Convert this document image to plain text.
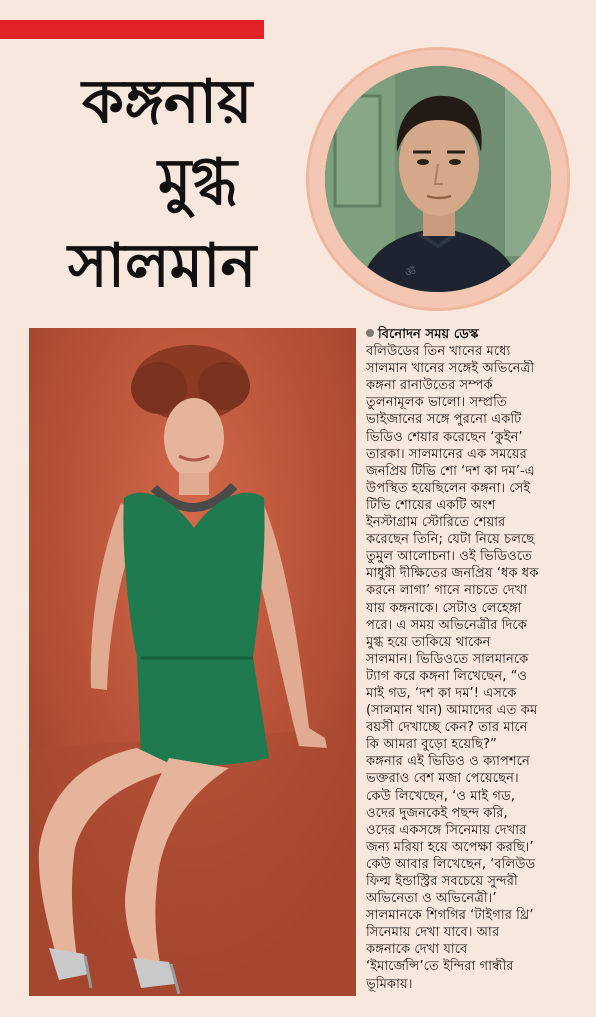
কঙ্গনায়
মুগ্ধ
সালমান	ॐ
বিনোদন সময় ডেস্ক
বলিউডের তিন খানের মধ্যে
সালমান খানের সঙ্গেই অভিনেত্রী
কঙ্গনা রানাউতের সম্পর্ক
তুলনামূলক ভালো। সম্প্রতি
ভাইজানের সঙ্গে পুরনো একটি
ভিডিও শেয়ার করেছেন ‘কুইন’
তারকা। সালমানের এক সময়ের
জনপ্রিয় টিভি শো ‘দশ কা দম’-এ
উপস্থিত হয়েছিলেন কঙ্গনা। সেই
টিভি শোয়ের একটি অংশ
ইনস্টাগ্রাম স্টোরিতে শেয়ার
করেছেন তিনি; যেটা নিয়ে চলছে
তুমুল আলোচনা। ওই ভিডিওতে
মাধুরী দীক্ষিতের জনপ্রিয় ‘ধক ধক
করনে লাগা’ গানে নাচতে দেখা
যায় কঙ্গনাকে। সেটাও লেহেঙ্গা
পরে। এ সময় অভিনেত্রীর দিকে
মুগ্ধ হয়ে তাকিয়ে থাকেন
সালমান। ভিডিওতে সালমানকে
ট্যাগ করে কঙ্গনা লিখেছেন, “ও
মাই গড, ‘দশ কা দম’! এসকে
(সালমান খান) আমাদের এত কম
বয়সী দেখাচ্ছে কেন? তার মানে
কি আমরা বুড়ো হয়েছি?”
কঙ্গনার এই ভিডিও ও ক্যাপশনে
ভক্তরাও বেশ মজা পেয়েছেন।
কেউ লিখেছেন, ‘ও মাই গড,
ওদের দুজনকেই পছন্দ করি,
ওদের একসঙ্গে সিনেমায় দেখার
জন্য মরিয়া হয়ে অপেক্ষা করছি।’
কেউ আবার লিখেছেন, ‘বলিউড
ফিল্ম ইন্ডাস্ট্রির সবচেয়ে সুন্দরী
অভিনেতা ও অভিনেত্রী।’
সালমানকে শিগগির ‘টাইগার থ্রি’
সিনেমায় দেখা যাবে। আর
কঙ্গনাকে দেখা যাবে
‘ইমার্জেন্সি’তে ইন্দিরা গান্ধীর
ভূমিকায়।
